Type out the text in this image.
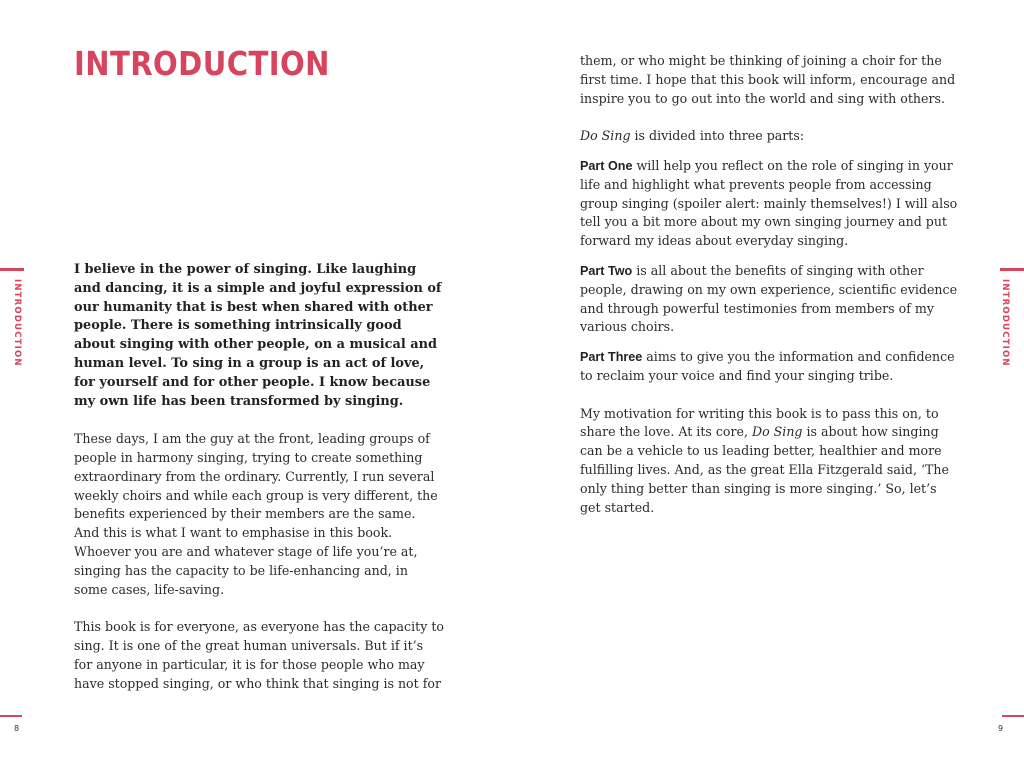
INTRODUCTION
INTRODUCTION	INTRODUCTION

I believe in the power of singing. Like laughing and dancing, it is a simple and joyful expression of our humanity that is best when shared with other people. There is something intrinsically good about singing with other people, on a musical and human level. To sing in a group is an act of love, for yourself and for other people. I know because my own life has been transformed by singing.

These days, I am the guy at the front, leading groups of people in harmony singing, trying to create something extraordinary from the ordinary. Currently, I run several weekly choirs and while each group is very different, the benefits experienced by their members are the same. And this is what I want to emphasise in this book. Whoever you are and whatever stage of life you’re at, singing has the capacity to be life-enhancing and, in some cases, life-saving.

This book is for everyone, as everyone has the capacity to sing. It is one of the great human universals. But if it’s for anyone in particular, it is for those people who may have stopped singing, or who think that singing is not for

them, or who might be thinking of joining a choir for the first time. I hope that this book will inform, encourage and inspire you to go out into the world and sing with others.

Do Sing is divided into three parts:

Part One will help you reflect on the role of singing in your life and highlight what prevents people from accessing group singing (spoiler alert: mainly themselves!) I will also tell you a bit more about my own singing journey and put forward my ideas about everyday singing.

Part Two is all about the benefits of singing with other people, drawing on my own experience, scientific evidence and through powerful testimonies from members of my various choirs.

Part Three aims to give you the information and confidence to reclaim your voice and find your singing tribe.

My motivation for writing this book is to pass this on, to share the love. At its core, Do Sing is about how singing can be a vehicle to us leading better, healthier and more fulfilling lives. And, as the great Ella Fitzgerald said, ‘The only thing better than singing is more singing.’ So, let’s get started.

8	9
